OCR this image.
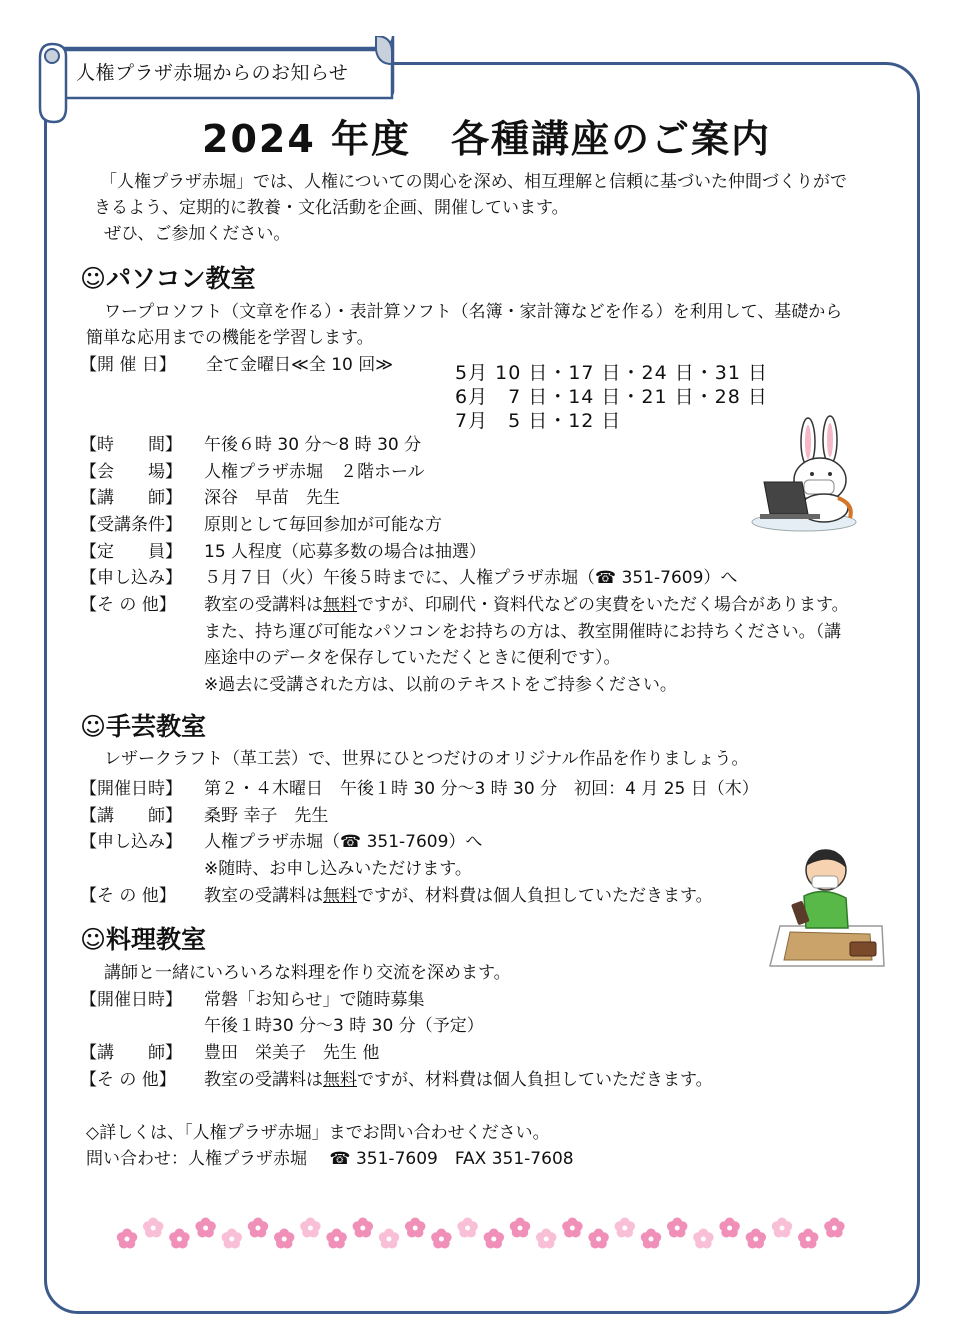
人権プラザ赤堀からのお知らせ
2024 年度　各種講座のご案内
「人権プラザ赤堀」では、人権についての関心を深め、相互理解と信頼に基づいた仲間づくりがで
きるよう、定期的に教養・文化活動を企画、開催しています。
ぜひ、ご参加ください。
☺パソコン教室
ワープロソフト（文章を作る）・表計算ソフト（名簿・家計簿などを作る）を利用して、基礎から
簡単な応用までの機能を学習します。
【開 催 日】 全て金曜日≪全 10 回≫	5月 10 日・17 日・24 日・31 日
6月　7 日・14 日・21 日・28 日
7月　5 日・12 日
【時　　間】 午後６時 30 分～8 時 30 分
【会　　場】 人権プラザ赤堀　２階ホール
【講　　師】 深谷　早苗　先生
【受講条件】 原則として毎回参加が可能な方
【定　　員】 15 人程度（応募多数の場合は抽選）
【申し込み】 ５月７日（火）午後５時までに、人権プラザ赤堀（☎ 351-7609）へ
【そ の 他】 教室の受講料は無料ですが、印刷代・資料代などの実費をいただく場合があります。
また、持ち運び可能なパソコンをお持ちの方は、教室開催時にお持ちください。（講
座途中のデータを保存していただくときに便利です）。
※過去に受講された方は、以前のテキストをご持参ください。
☺手芸教室
レザークラフト（革工芸）で、世界にひとつだけのオリジナル作品を作りましょう。
【開催日時】 第２・４木曜日　午後１時 30 分～3 時 30 分　初回：4 月 25 日（木）
【講　　師】 桑野 幸子　先生
【申し込み】 人権プラザ赤堀（☎ 351-7609）へ
※随時、お申し込みいただけます。
【そ の 他】 教室の受講料は無料ですが、材料費は個人負担していただきます。
☺料理教室
講師と一緒にいろいろな料理を作り交流を深めます。
【開催日時】 常磐「お知らせ」で随時募集
午後１時30 分～3 時 30 分（予定）
【講　　師】 豊田　栄美子　先生 他
【そ の 他】 教室の受講料は無料ですが、材料費は個人負担していただきます。
◇詳しくは、「人権プラザ赤堀」までお問い合わせください。
問い合わせ：人権プラザ赤堀　 ☎ 351-7609　FAX 351-7608
